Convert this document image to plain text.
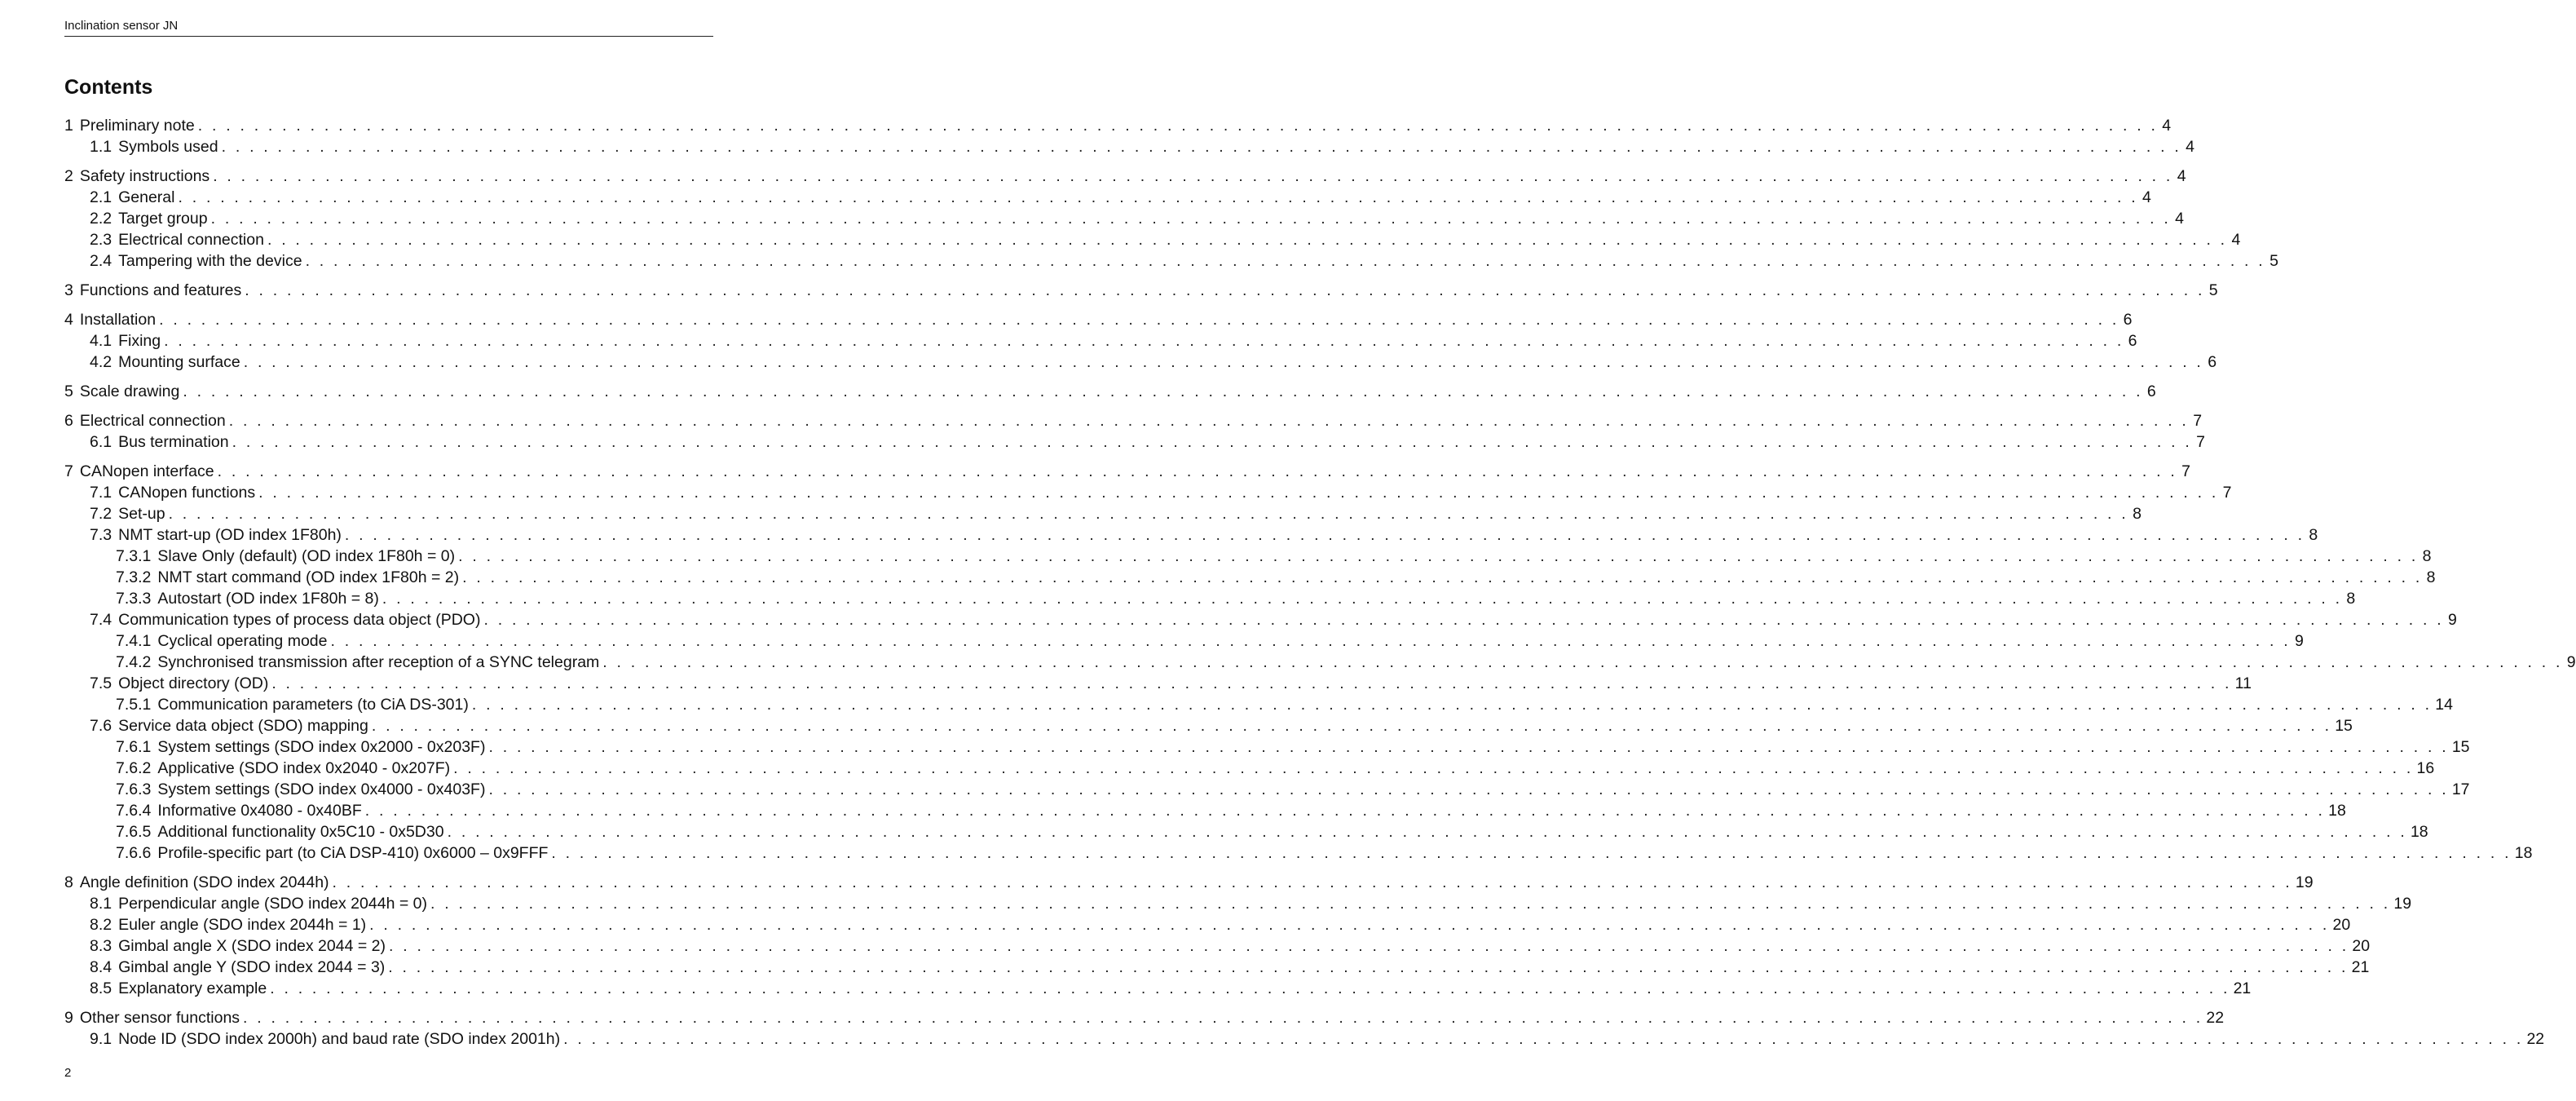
Inclination sensor JN
Contents
1 Preliminary note . . . . . . . . . . . . . . . . . . . . . . . . . . . . . . . . . . . . . . . . . . . . . . . . . . . . . . . . . . . . . . . . . . . . . . . . . . . . . . . . . . . . . . . . . . . . . . . . . . . . . . . . . . . . . . . . . . . . . . . . . . . . . . . . . . . . . . . . . . . . 4
1.1 Symbols used . . . . . . . . . . . . . . . . . . . . . . . . . . . . . . . . . . . . . . . . . . . . . . . . . . . . . . . . . . . . . . . . . . . . . . . . . . . . . . . . . . . . . . . . . . . . . . . . . . . . . . . . . . . . . . . . . . . . . . . . . . . . . . . . . . . . . . . . . . . . 4
2 Safety instructions . . . . . . . . . . . . . . . . . . . . . . . . . . . . . . . . . . . . . . . . . . . . . . . . . . . . . . . . . . . . . . . . . . . . . . . . . . . . . . . . . . . . . . . . . . . . . . . . . . . . . . . . . . . . . . . . . . . . . . . . . . . . . . . . . . . . . . . . . . . . 4
2.1 General . . . . . . . . . . . . . . . . . . . . . . . . . . . . . . . . . . . . . . . . . . . . . . . . . . . . . . . . . . . . . . . . . . . . . . . . . . . . . . . . . . . . . . . . . . . . . . . . . . . . . . . . . . . . . . . . . . . . . . . . . . . . . . . . . . . . . . . . . . . . 4
2.2 Target group . . . . . . . . . . . . . . . . . . . . . . . . . . . . . . . . . . . . . . . . . . . . . . . . . . . . . . . . . . . . . . . . . . . . . . . . . . . . . . . . . . . . . . . . . . . . . . . . . . . . . . . . . . . . . . . . . . . . . . . . . . . . . . . . . . . . . . . . . . . . 4
2.3 Electrical connection . . . . . . . . . . . . . . . . . . . . . . . . . . . . . . . . . . . . . . . . . . . . . . . . . . . . . . . . . . . . . . . . . . . . . . . . . . . . . . . . . . . . . . . . . . . . . . . . . . . . . . . . . . . . . . . . . . . . . . . . . . . . . . . . . . . . . . . . . . . . 4
2.4 Tampering with the device . . . . . . . . . . . . . . . . . . . . . . . . . . . . . . . . . . . . . . . . . . . . . . . . . . . . . . . . . . . . . . . . . . . . . . . . . . . . . . . . . . . . . . . . . . . . . . . . . . . . . . . . . . . . . . . . . . . . . . . . . . . . . . . . . . . . . . . . . . . . 5
3 Functions and features . . . . . . . . . . . . . . . . . . . . . . . . . . . . . . . . . . . . . . . . . . . . . . . . . . . . . . . . . . . . . . . . . . . . . . . . . . . . . . . . . . . . . . . . . . . . . . . . . . . . . . . . . . . . . . . . . . . . . . . . . . . . . . . . . . . . . . . . . . . . 5
4 Installation . . . . . . . . . . . . . . . . . . . . . . . . . . . . . . . . . . . . . . . . . . . . . . . . . . . . . . . . . . . . . . . . . . . . . . . . . . . . . . . . . . . . . . . . . . . . . . . . . . . . . . . . . . . . . . . . . . . . . . . . . . . . . . . . . . . . . . . . . . . . 6
4.1 Fixing . . . . . . . . . . . . . . . . . . . . . . . . . . . . . . . . . . . . . . . . . . . . . . . . . . . . . . . . . . . . . . . . . . . . . . . . . . . . . . . . . . . . . . . . . . . . . . . . . . . . . . . . . . . . . . . . . . . . . . . . . . . . . . . . . . . . . . . . . . . . 6
4.2 Mounting surface . . . . . . . . . . . . . . . . . . . . . . . . . . . . . . . . . . . . . . . . . . . . . . . . . . . . . . . . . . . . . . . . . . . . . . . . . . . . . . . . . . . . . . . . . . . . . . . . . . . . . . . . . . . . . . . . . . . . . . . . . . . . . . . . . . . . . . . . . . . . 6
5 Scale drawing . . . . . . . . . . . . . . . . . . . . . . . . . . . . . . . . . . . . . . . . . . . . . . . . . . . . . . . . . . . . . . . . . . . . . . . . . . . . . . . . . . . . . . . . . . . . . . . . . . . . . . . . . . . . . . . . . . . . . . . . . . . . . . . . . . . . . . . . . . . . 6
6 Electrical connection . . . . . . . . . . . . . . . . . . . . . . . . . . . . . . . . . . . . . . . . . . . . . . . . . . . . . . . . . . . . . . . . . . . . . . . . . . . . . . . . . . . . . . . . . . . . . . . . . . . . . . . . . . . . . . . . . . . . . . . . . . . . . . . . . . . . . . . . . . . . 7
6.1 Bus termination . . . . . . . . . . . . . . . . . . . . . . . . . . . . . . . . . . . . . . . . . . . . . . . . . . . . . . . . . . . . . . . . . . . . . . . . . . . . . . . . . . . . . . . . . . . . . . . . . . . . . . . . . . . . . . . . . . . . . . . . . . . . . . . . . . . . . . . . . . . . 7
7 CANopen interface . . . . . . . . . . . . . . . . . . . . . . . . . . . . . . . . . . . . . . . . . . . . . . . . . . . . . . . . . . . . . . . . . . . . . . . . . . . . . . . . . . . . . . . . . . . . . . . . . . . . . . . . . . . . . . . . . . . . . . . . . . . . . . . . . . . . . . . . . . . . 7
7.1 CANopen functions . . . . . . . . . . . . . . . . . . . . . . . . . . . . . . . . . . . . . . . . . . . . . . . . . . . . . . . . . . . . . . . . . . . . . . . . . . . . . . . . . . . . . . . . . . . . . . . . . . . . . . . . . . . . . . . . . . . . . . . . . . . . . . . . . . . . . . . . . . . . 7
7.2 Set-up . . . . . . . . . . . . . . . . . . . . . . . . . . . . . . . . . . . . . . . . . . . . . . . . . . . . . . . . . . . . . . . . . . . . . . . . . . . . . . . . . . . . . . . . . . . . . . . . . . . . . . . . . . . . . . . . . . . . . . . . . . . . . . . . . . . . . . . . . . . . 8
7.3 NMT start-up (OD index 1F80h) . . . . . . . . . . . . . . . . . . . . . . . . . . . . . . . . . . . . . . . . . . . . . . . . . . . . . . . . . . . . . . . . . . . . . . . . . . . . . . . . . . . . . . . . . . . . . . . . . . . . . . . . . . . . . . . . . . . . . . . . . . . . . . . . . . . . . . . . . . . . 8
7.3.1 Slave Only (default) (OD index 1F80h = 0) . . . . . . . . . . . . . . . . . . . . . . . . . . . . . . . . . . . . . . . . . . . . . . . . . . . . . . . . . . . . . . . . . . . . . . . . . . . . . . . . . . . . . . . . . . . . . . . . . . . . . . . . . . . . . . . . . . . . . . . . . . . . . . . . . . . . . . . . . . . . 8
7.3.2 NMT start command (OD index 1F80h = 2) . . . . . . . . . . . . . . . . . . . . . . . . . . . . . . . . . . . . . . . . . . . . . . . . . . . . . . . . . . . . . . . . . . . . . . . . . . . . . . . . . . . . . . . . . . . . . . . . . . . . . . . . . . . . . . . . . . . . . . . . . . . . . . . . . . . . . . . . . . . . 8
7.3.3 Autostart (OD index 1F80h = 8) . . . . . . . . . . . . . . . . . . . . . . . . . . . . . . . . . . . . . . . . . . . . . . . . . . . . . . . . . . . . . . . . . . . . . . . . . . . . . . . . . . . . . . . . . . . . . . . . . . . . . . . . . . . . . . . . . . . . . . . . . . . . . . . . . . . . . . . . . . . . 8
7.4 Communication types of process data object (PDO) . . . . . . . . . . . . . . . . . . . . . . . . . . . . . . . . . . . . . . . . . . . . . . . . . . . . . . . . . . . . . . . . . . . . . . . . . . . . . . . . . . . . . . . . . . . . . . . . . . . . . . . . . . . . . . . . . . . . . . . . . . . . . . . . . . . . . . . . . . . . 9
7.4.1 Cyclical operating mode . . . . . . . . . . . . . . . . . . . . . . . . . . . . . . . . . . . . . . . . . . . . . . . . . . . . . . . . . . . . . . . . . . . . . . . . . . . . . . . . . . . . . . . . . . . . . . . . . . . . . . . . . . . . . . . . . . . . . . . . . . . . . . . . . . . . . . . . . . . . 9
7.4.2 Synchronised transmission after reception of a SYNC telegram . . . . . . . . . . . . . . . . . . . . . . . . . . . . . . . . . . . . . . . . . . . . . . . . . . . . . . . . . . . . . . . . . . . . . . . . . . . . . . . . . . . . . . . . . . . . . . . . . . . . . . . . . . . . . . . . . . . . . . . . . . . . . . . . . . . . . . . . . . . . 9
7.5 Object directory (OD) . . . . . . . . . . . . . . . . . . . . . . . . . . . . . . . . . . . . . . . . . . . . . . . . . . . . . . . . . . . . . . . . . . . . . . . . . . . . . . . . . . . . . . . . . . . . . . . . . . . . . . . . . . . . . . . . . . . . . . . . . . . . . . . . . . . . . . . . . . . . 11
7.5.1 Communication parameters (to CiA DS-301) . . . . . . . . . . . . . . . . . . . . . . . . . . . . . . . . . . . . . . . . . . . . . . . . . . . . . . . . . . . . . . . . . . . . . . . . . . . . . . . . . . . . . . . . . . . . . . . . . . . . . . . . . . . . . . . . . . . . . . . . . . . . . . . . . . . . . . . . . . . . 14
7.6 Service data object (SDO) mapping . . . . . . . . . . . . . . . . . . . . . . . . . . . . . . . . . . . . . . . . . . . . . . . . . . . . . . . . . . . . . . . . . . . . . . . . . . . . . . . . . . . . . . . . . . . . . . . . . . . . . . . . . . . . . . . . . . . . . . . . . . . . . . . . . . . . . . . . . . . . 15
7.6.1 System settings (SDO index 0x2000 - 0x203F) . . . . . . . . . . . . . . . . . . . . . . . . . . . . . . . . . . . . . . . . . . . . . . . . . . . . . . . . . . . . . . . . . . . . . . . . . . . . . . . . . . . . . . . . . . . . . . . . . . . . . . . . . . . . . . . . . . . . . . . . . . . . . . . . . . . . . . . . . . . . 15
7.6.2 Applicative (SDO index 0x2040 - 0x207F) . . . . . . . . . . . . . . . . . . . . . . . . . . . . . . . . . . . . . . . . . . . . . . . . . . . . . . . . . . . . . . . . . . . . . . . . . . . . . . . . . . . . . . . . . . . . . . . . . . . . . . . . . . . . . . . . . . . . . . . . . . . . . . . . . . . . . . . . . . . . 16
7.6.3 System settings (SDO index 0x4000 - 0x403F) . . . . . . . . . . . . . . . . . . . . . . . . . . . . . . . . . . . . . . . . . . . . . . . . . . . . . . . . . . . . . . . . . . . . . . . . . . . . . . . . . . . . . . . . . . . . . . . . . . . . . . . . . . . . . . . . . . . . . . . . . . . . . . . . . . . . . . . . . . . . 17
7.6.4 Informative 0x4080 - 0x40BF . . . . . . . . . . . . . . . . . . . . . . . . . . . . . . . . . . . . . . . . . . . . . . . . . . . . . . . . . . . . . . . . . . . . . . . . . . . . . . . . . . . . . . . . . . . . . . . . . . . . . . . . . . . . . . . . . . . . . . . . . . . . . . . . . . . . . . . . . . . . 18
7.6.5 Additional functionality 0x5C10 - 0x5D30 . . . . . . . . . . . . . . . . . . . . . . . . . . . . . . . . . . . . . . . . . . . . . . . . . . . . . . . . . . . . . . . . . . . . . . . . . . . . . . . . . . . . . . . . . . . . . . . . . . . . . . . . . . . . . . . . . . . . . . . . . . . . . . . . . . . . . . . . . . . . 18
7.6.6 Profile-specific part (to CiA DSP-410) 0x6000 – 0x9FFF . . . . . . . . . . . . . . . . . . . . . . . . . . . . . . . . . . . . . . . . . . . . . . . . . . . . . . . . . . . . . . . . . . . . . . . . . . . . . . . . . . . . . . . . . . . . . . . . . . . . . . . . . . . . . . . . . . . . . . . . . . . . . . . . . . . . . . . . . . . . 18
8 Angle definition (SDO index 2044h) . . . . . . . . . . . . . . . . . . . . . . . . . . . . . . . . . . . . . . . . . . . . . . . . . . . . . . . . . . . . . . . . . . . . . . . . . . . . . . . . . . . . . . . . . . . . . . . . . . . . . . . . . . . . . . . . . . . . . . . . . . . . . . . . . . . . . . . . . . . . 19
8.1 Perpendicular angle (SDO index 2044h = 0) . . . . . . . . . . . . . . . . . . . . . . . . . . . . . . . . . . . . . . . . . . . . . . . . . . . . . . . . . . . . . . . . . . . . . . . . . . . . . . . . . . . . . . . . . . . . . . . . . . . . . . . . . . . . . . . . . . . . . . . . . . . . . . . . . . . . . . . . . . . . 19
8.2 Euler angle (SDO index 2044h = 1) . . . . . . . . . . . . . . . . . . . . . . . . . . . . . . . . . . . . . . . . . . . . . . . . . . . . . . . . . . . . . . . . . . . . . . . . . . . . . . . . . . . . . . . . . . . . . . . . . . . . . . . . . . . . . . . . . . . . . . . . . . . . . . . . . . . . . . . . . . . . 20
8.3 Gimbal angle X (SDO index 2044 = 2) . . . . . . . . . . . . . . . . . . . . . . . . . . . . . . . . . . . . . . . . . . . . . . . . . . . . . . . . . . . . . . . . . . . . . . . . . . . . . . . . . . . . . . . . . . . . . . . . . . . . . . . . . . . . . . . . . . . . . . . . . . . . . . . . . . . . . . . . . . . . 20
8.4 Gimbal angle Y (SDO index 2044 = 3) . . . . . . . . . . . . . . . . . . . . . . . . . . . . . . . . . . . . . . . . . . . . . . . . . . . . . . . . . . . . . . . . . . . . . . . . . . . . . . . . . . . . . . . . . . . . . . . . . . . . . . . . . . . . . . . . . . . . . . . . . . . . . . . . . . . . . . . . . . . . 21
8.5 Explanatory example . . . . . . . . . . . . . . . . . . . . . . . . . . . . . . . . . . . . . . . . . . . . . . . . . . . . . . . . . . . . . . . . . . . . . . . . . . . . . . . . . . . . . . . . . . . . . . . . . . . . . . . . . . . . . . . . . . . . . . . . . . . . . . . . . . . . . . . . . . . . 21
9 Other sensor functions . . . . . . . . . . . . . . . . . . . . . . . . . . . . . . . . . . . . . . . . . . . . . . . . . . . . . . . . . . . . . . . . . . . . . . . . . . . . . . . . . . . . . . . . . . . . . . . . . . . . . . . . . . . . . . . . . . . . . . . . . . . . . . . . . . . . . . . . . . . . 22
9.1 Node ID (SDO index 2000h) and baud rate (SDO index 2001h) . . . . . . . . . . . . . . . . . . . . . . . . . . . . . . . . . . . . . . . . . . . . . . . . . . . . . . . . . . . . . . . . . . . . . . . . . . . . . . . . . . . . . . . . . . . . . . . . . . . . . . . . . . . . . . . . . . . . . . . . . . . . . . . . . . . . . . . . . . . . 22
2
